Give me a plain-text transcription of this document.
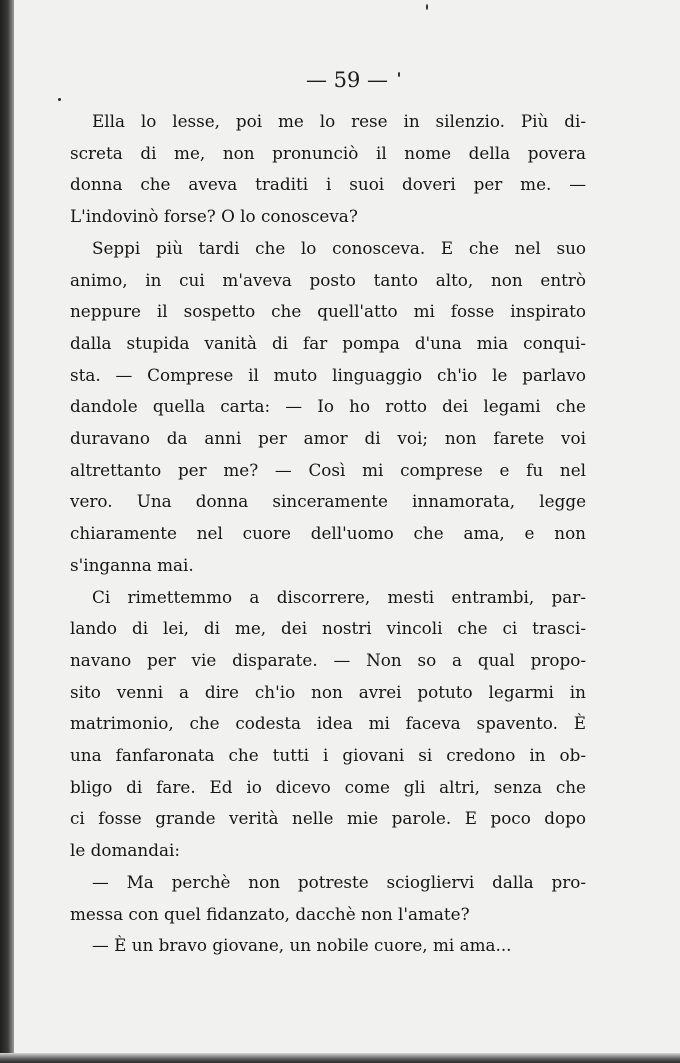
— 59 —
Ella lo lesse, poi me lo rese in silenzio. Più di-
screta di me, non pronunciò il nome della povera
donna che aveva traditi i suoi doveri per me. —
L'indovinò forse? O lo conosceva?
Seppi più tardi che lo conosceva. E che nel suo
animo, in cui m'aveva posto tanto alto, non entrò
neppure il sospetto che quell'atto mi fosse inspirato
dalla stupida vanità di far pompa d'una mia conqui-
sta. — Comprese il muto linguaggio ch'io le parlavo
dandole quella carta: — Io ho rotto dei legami che
duravano da anni per amor di voi; non farete voi
altrettanto per me? — Così mi comprese e fu nel
vero. Una donna sinceramente innamorata, legge
chiaramente nel cuore dell'uomo che ama, e non
s'inganna mai.
Ci rimettemmo a discorrere, mesti entrambi, par-
lando di lei, di me, dei nostri vincoli che ci trasci-
navano per vie disparate. — Non so a qual propo-
sito venni a dire ch'io non avrei potuto legarmi in
matrimonio, che codesta idea mi faceva spavento. È
una fanfaronata che tutti i giovani si credono in ob-
bligo di fare. Ed io dicevo come gli altri, senza che
ci fosse grande verità nelle mie parole. E poco dopo
le domandai:
— Ma perchè non potreste sciogliervi dalla pro-
messa con quel fidanzato, dacchè non l'amate?
— È un bravo giovane, un nobile cuore, mi ama...
